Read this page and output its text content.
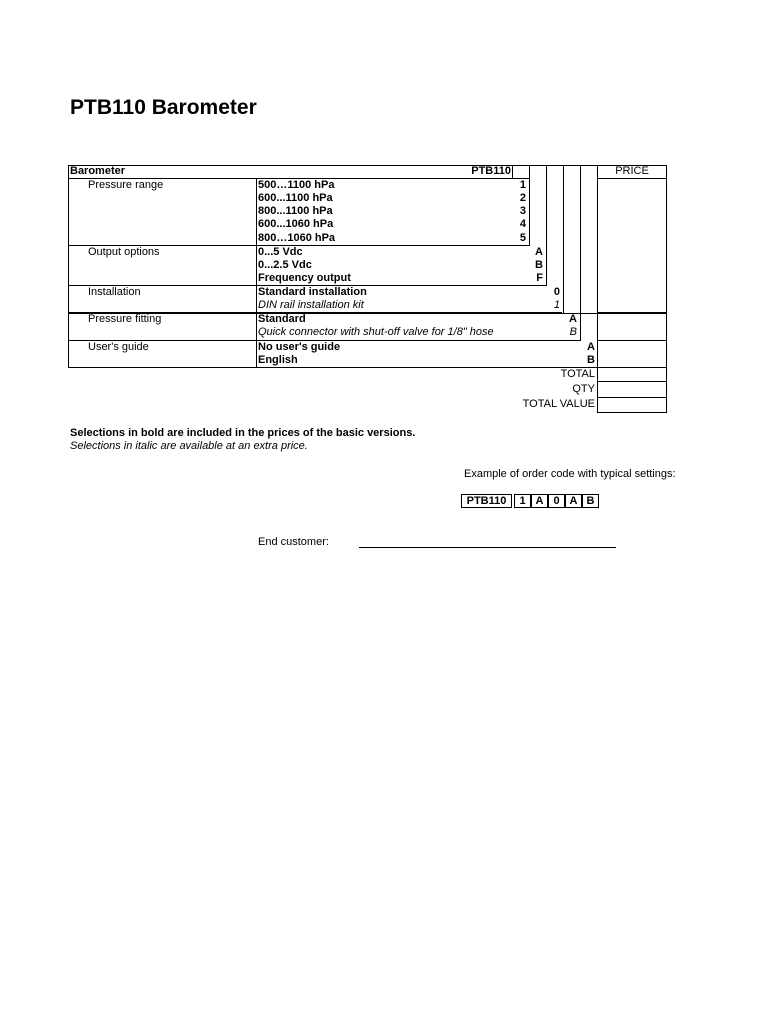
PTB110 Barometer
Barometer	PTB110	PRICE
Pressure range	500…1100 hPa	1
600...1100 hPa	2
800...1100 hPa	3
600...1060 hPa	4
800…1060 hPa	5
Output options	0...5 Vdc	A
0...2.5 Vdc	B
Frequency output	F
Installation	Standard installation	0
DIN rail installation kit	1
Pressure fitting	Standard	A
Quick connector with shut-off valve for 1/8" hose	B
User's guide	No user's guide	A
English	B
TOTAL
QTY
TOTAL VALUE
Selections in bold are included in the prices of the basic versions.
Selections in italic are available at an extra price.
Example of order code with typical settings:
PTB110	1 A 0 A B
End customer:
